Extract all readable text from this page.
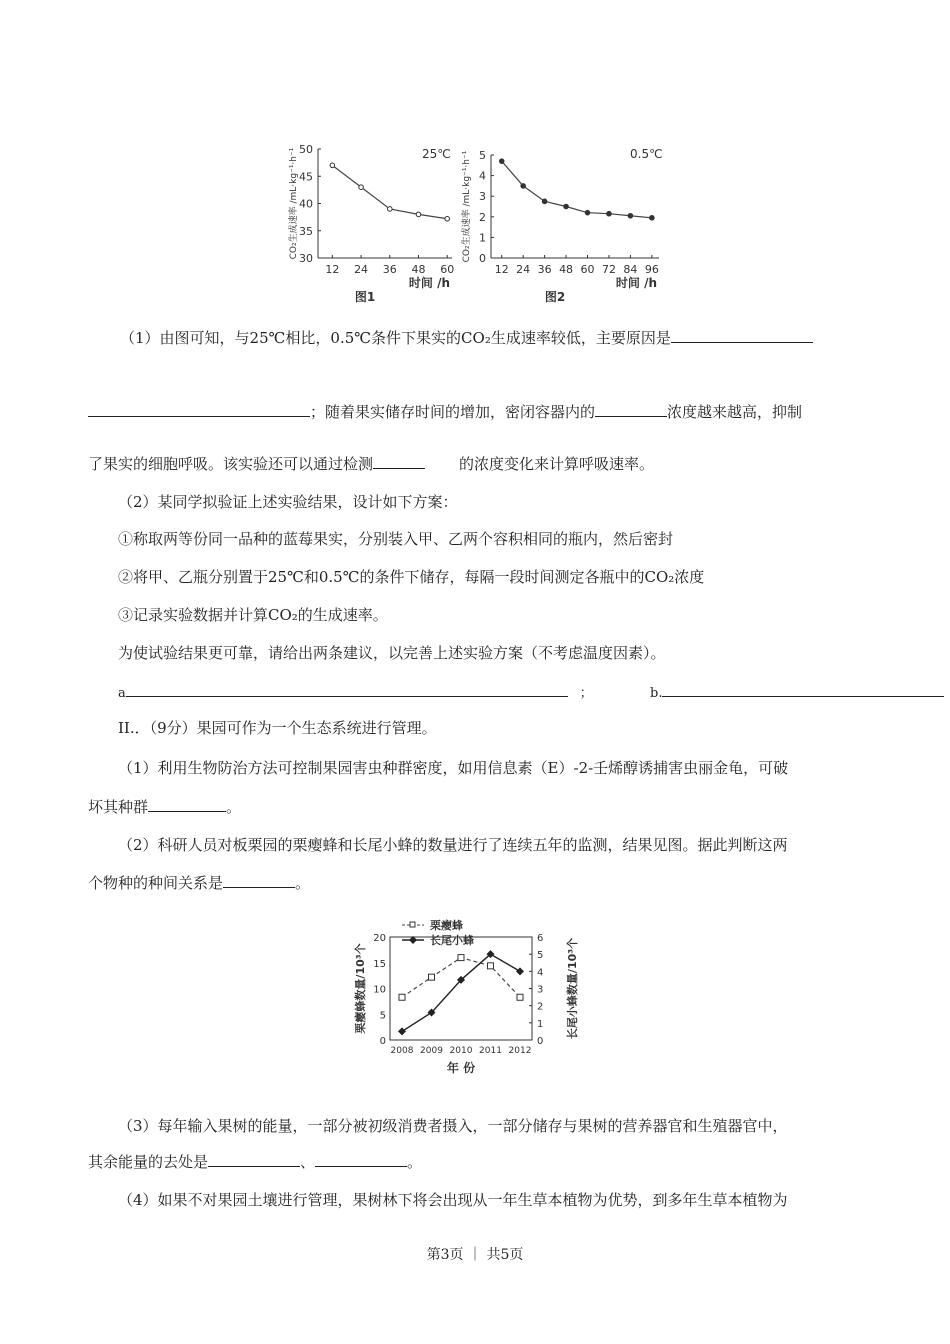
30
35
40
45
50
12 24 36 48 60
25℃
时间 /h
图1
CO₂生成速率 /mL·kg⁻¹·h⁻¹	0
1
2
3
4
5
12 24 36 48 60 72 84 96
0.5℃
时间 /h
图2
CO₂生成速率 /mL·kg⁻¹·h⁻¹
（1）由图可知，与25℃相比，0.5℃条件下果实的CO₂生成速率较低，主要原因是
；随着果实储存时间的增加，密闭容器内的	浓度越来越高，抑制
了果实的细胞呼吸。该实验还可以通过检测	的浓度变化来计算呼吸速率。
（2）某同学拟验证上述实验结果，设计如下方案：
①称取两等份同一品种的蓝莓果实，分别装入甲、乙两个容积相同的瓶内，然后密封
②将甲、乙瓶分别置于25℃和0.5℃的条件下储存，每隔一段时间测定各瓶中的CO₂浓度
③记录实验数据并计算CO₂的生成速率。
为使试验结果更可靠，请给出两条建议，以完善上述实验方案（不考虑温度因素）。
a	；	b.
II.．（9分）果园可作为一个生态系统进行管理。
（1）利用生物防治方法可控制果园害虫种群密度，如用信息素（E）-2-壬烯醇诱捕害虫丽金龟，可破
坏其种群	。
（2）科研人员对板栗园的栗瘿蜂和长尾小蜂的数量进行了连续五年的监测，结果见图。据此判断这两
个物种的种间关系是	。
0
5
10
15
20
0
1
2
3
4
5
6
2008 2009 2010 2011 2012
栗瘿蜂
长尾小蜂
年 份
栗瘿蜂数量/10³个	长尾小蜂数量/10³个
（3）每年输入果树的能量，一部分被初级消费者摄入，一部分储存与果树的营养器官和生殖器官中，
其余能量的去处是	、	。
（4）如果不对果园土壤进行管理，果树林下将会出现从一年生草本植物为优势，到多年生草本植物为
第3页 ｜ 共5页
